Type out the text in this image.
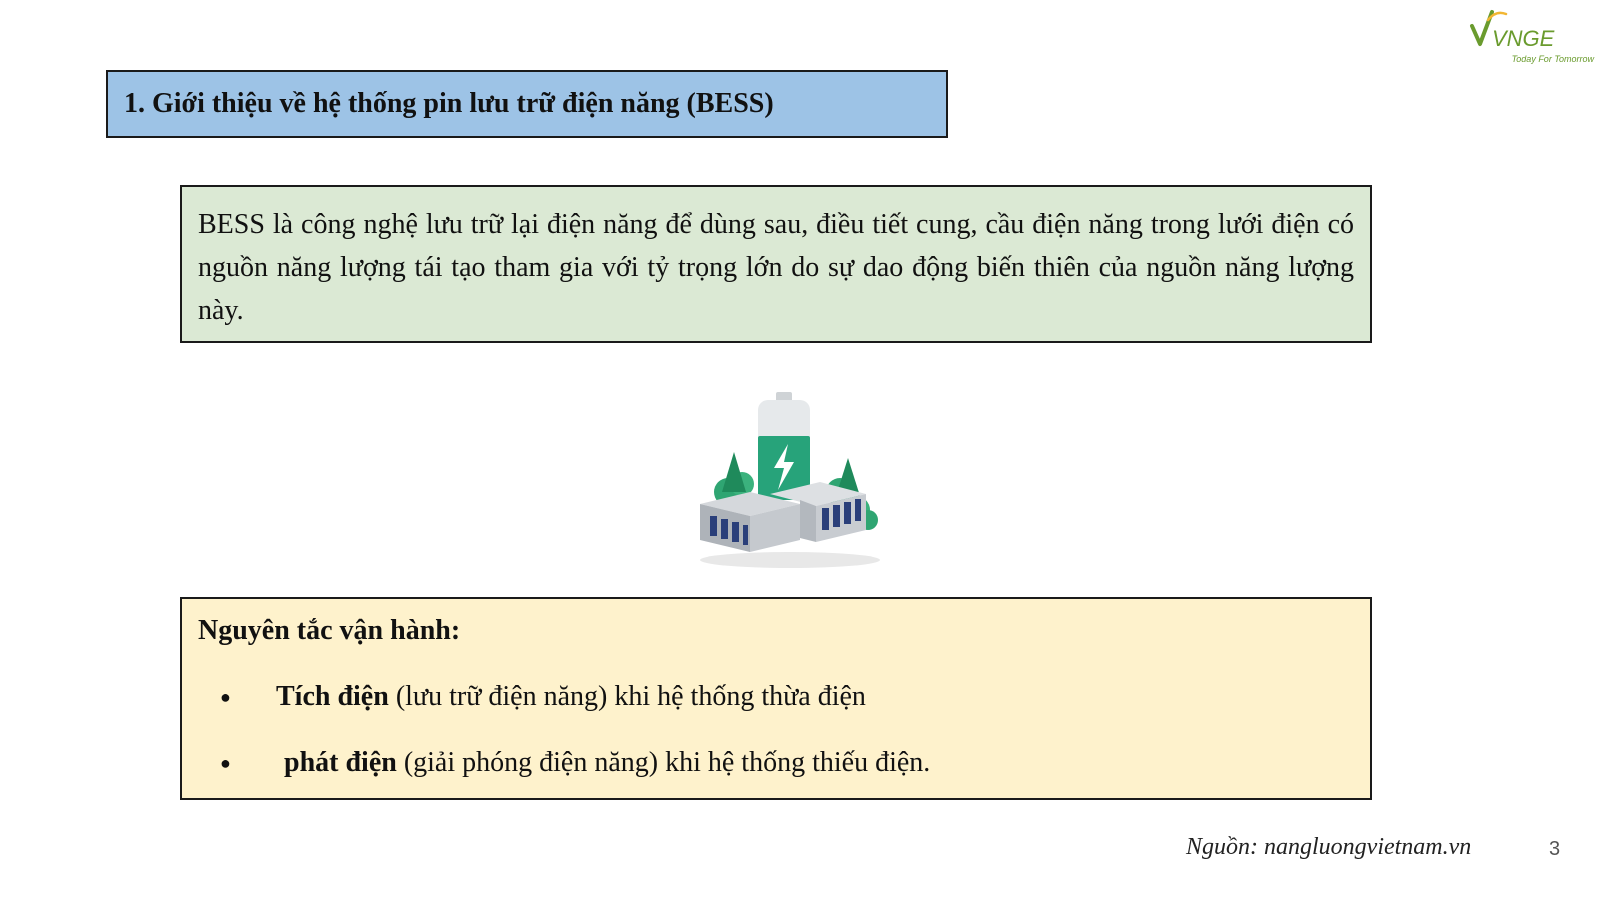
VNGE
Today For Tomorrow
1. Giới thiệu về hệ thống pin lưu trữ điện năng (BESS)
BESS là công nghệ lưu trữ lại điện năng để dùng sau, điều tiết cung, cầu điện năng trong lưới điện có nguồn năng lượng tái tạo tham gia với tỷ trọng lớn do sự dao động biến thiên của nguồn năng lượng này.
Nguyên tắc vận hành:
●	Tích điện (lưu trữ điện năng) khi hệ thống thừa điện
●	phát điện (giải phóng điện năng) khi hệ thống thiếu điện.
Nguồn: nangluongvietnam.vn	3
